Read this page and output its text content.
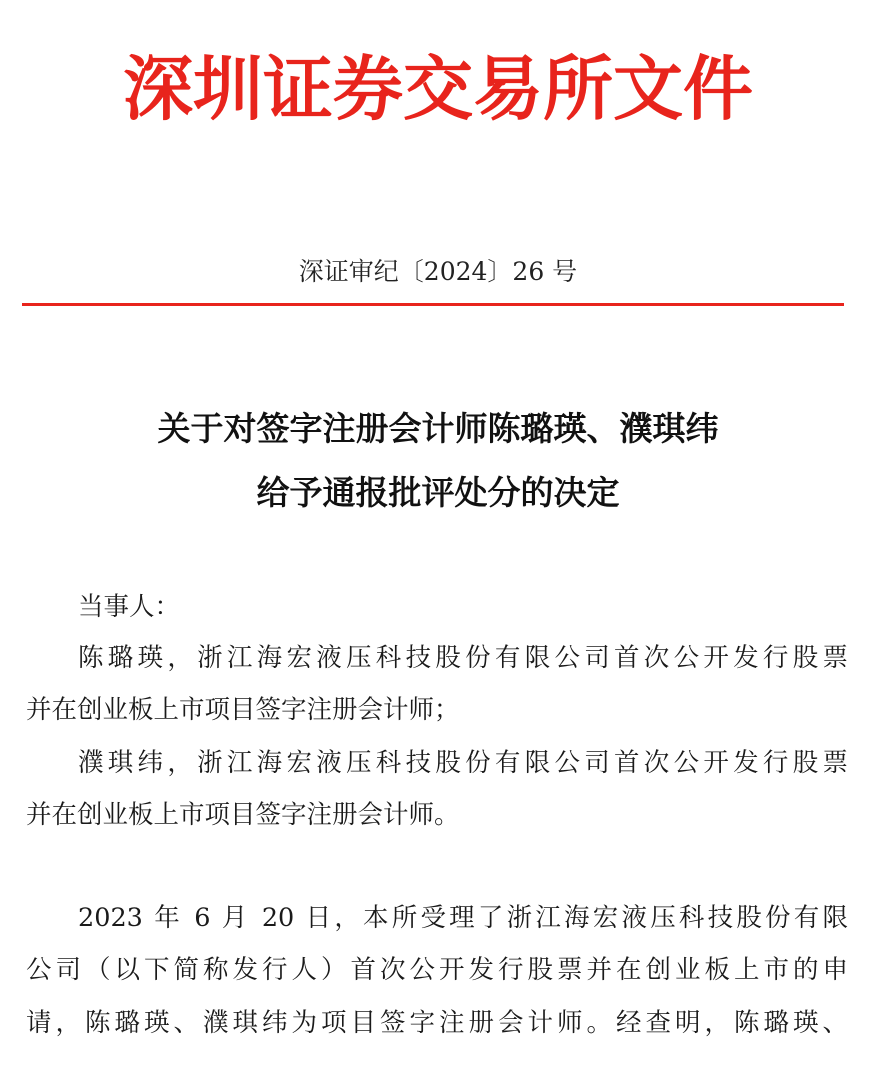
深圳证券交易所文件
深证审纪〔2024〕26 号
关于对签字注册会计师陈璐瑛、濮琪纬
给予通报批评处分的决定
当事人：
陈璐瑛，浙江海宏液压科技股份有限公司首次公开发行股票
并在创业板上市项目签字注册会计师；
濮琪纬，浙江海宏液压科技股份有限公司首次公开发行股票
并在创业板上市项目签字注册会计师。
2023 年 6 月 20 日，本所受理了浙江海宏液压科技股份有限
公司（以下简称发行人）首次公开发行股票并在创业板上市的申
请，陈璐瑛、濮琪纬为项目签字注册会计师。经查明，陈璐瑛、
